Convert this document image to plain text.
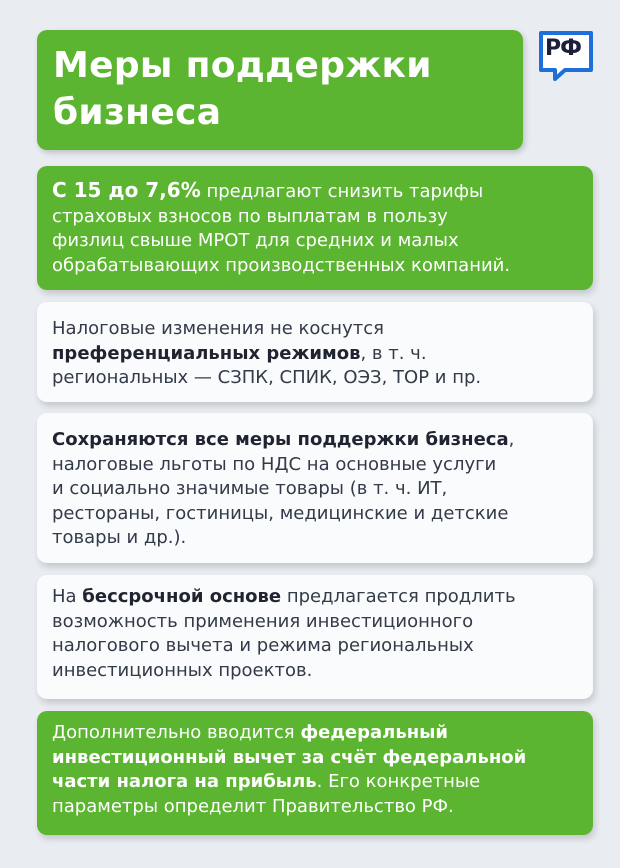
Меры поддержки
бизнеса
РФ
С 15 до 7,6% предлагают снизить тарифы
страховых взносов по выплатам в пользу
физлиц свыше МРОТ для средних и малых
обрабатывающих производственных компаний.
Налоговые изменения не коснутся
преференциальных режимов, в т. ч.
региональных — СЗПК, СПИК, ОЭЗ, ТОР и пр.
Сохраняются все меры поддержки бизнеса,
налоговые льготы по НДС на основные услуги
и социально значимые товары (в т. ч. ИТ,
рестораны, гостиницы, медицинские и детские
товары и др.).
На бессрочной основе предлагается продлить
возможность применения инвестиционного
налогового вычета и режима региональных
инвестиционных проектов.
Дополнительно вводится федеральный
инвестиционный вычет за счёт федеральной
части налога на прибыль. Его конкретные
параметры определит Правительство РФ.
